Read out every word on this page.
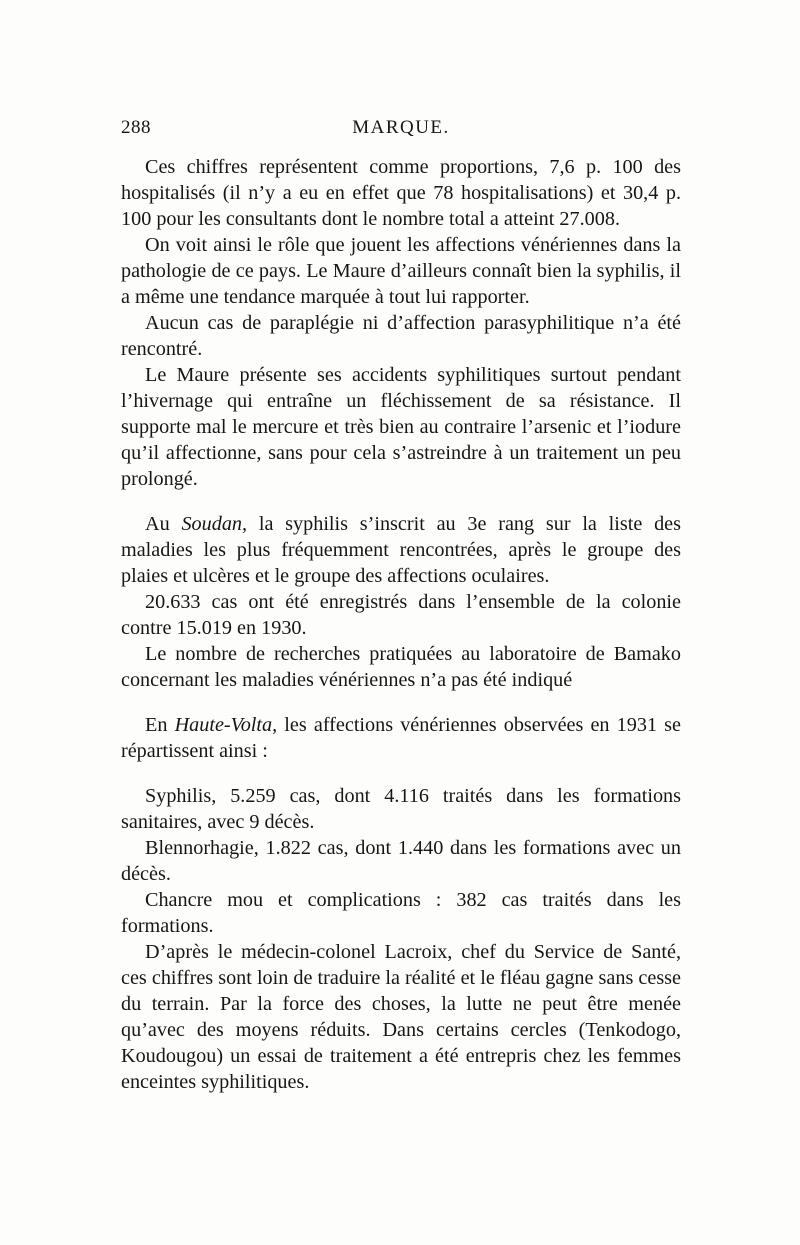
288	MARQUE.

Ces chiffres représentent comme proportions, 7,6 p. 100 des hospitalisés (il n’y a eu en effet que 78 hospitalisations) et 30,4 p. 100 pour les consultants dont le nombre total a atteint 27.008.

On voit ainsi le rôle que jouent les affections vénériennes dans la pathologie de ce pays. Le Maure d’ailleurs connaît bien la syphilis, il a même une tendance marquée à tout lui rapporter.

Aucun cas de paraplégie ni d’affection parasyphilitique n’a été rencontré.

Le Maure présente ses accidents syphilitiques surtout pendant l’hivernage qui entraîne un fléchissement de sa résistance. Il supporte mal le mercure et très bien au contraire l’arsenic et l’iodure qu’il affectionne, sans pour cela s’astreindre à un traitement un peu prolongé.

Au Soudan, la syphilis s’inscrit au 3e rang sur la liste des maladies les plus fréquemment rencontrées, après le groupe des plaies et ulcères et le groupe des affections oculaires.

20.633 cas ont été enregistrés dans l’ensemble de la colonie contre 15.019 en 1930.

Le nombre de recherches pratiquées au laboratoire de Bamako concernant les maladies vénériennes n’a pas été indiqué

En Haute-Volta, les affections vénériennes observées en 1931 se répartissent ainsi :

Syphilis, 5.259 cas, dont 4.116 traités dans les formations sanitaires, avec 9 décès.

Blennorhagie, 1.822 cas, dont 1.440 dans les formations avec un décès.

Chancre mou et complications : 382 cas traités dans les formations.

D’après le médecin-colonel Lacroix, chef du Service de Santé, ces chiffres sont loin de traduire la réalité et le fléau gagne sans cesse du terrain. Par la force des choses, la lutte ne peut être menée qu’avec des moyens réduits. Dans certains cercles (Tenkodogo, Koudougou) un essai de traitement a été entrepris chez les femmes enceintes syphilitiques.
